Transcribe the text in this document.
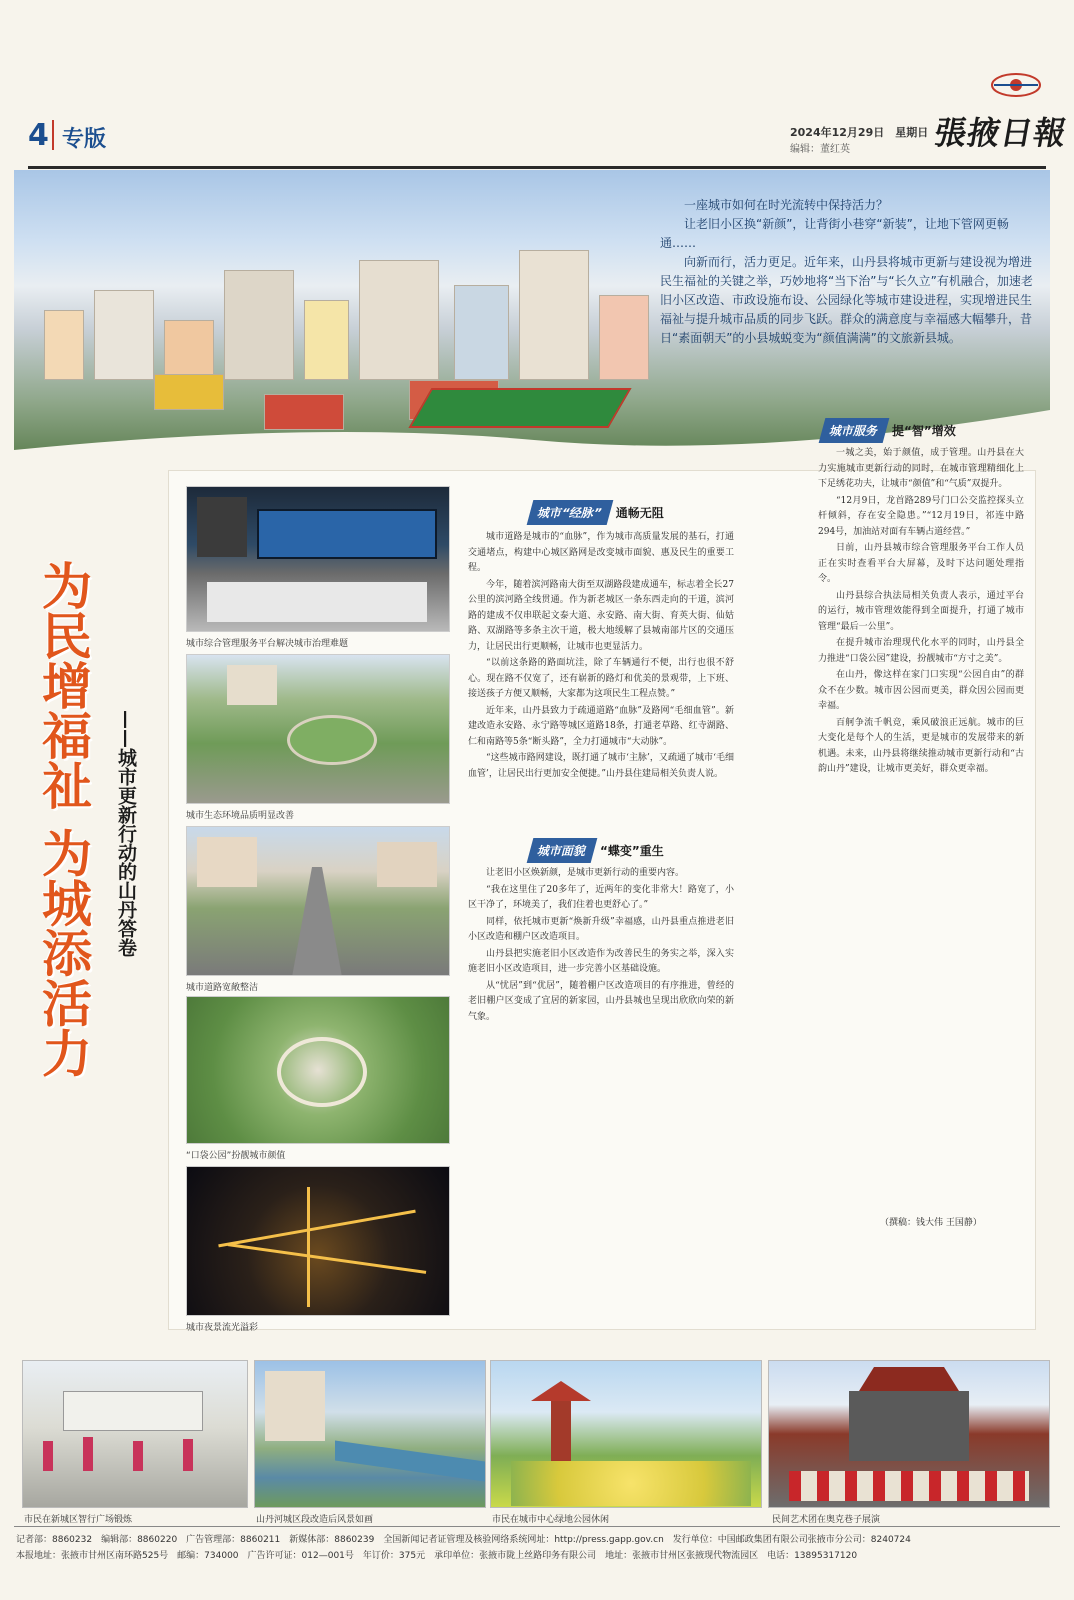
4 专版	2024年12月29日　星期日
编辑：董红英	張掖日報

一座城市如何在时光流转中保持活力？

让老旧小区换“新颜”，让背街小巷穿“新装”，让地下管网更畅通……

向新而行，活力更足。近年来，山丹县将城市更新与建设视为增进民生福祉的关键之举，巧妙地将“当下治”与“长久立”有机融合，加速老旧小区改造、市政设施布设、公园绿化等城市建设进程，实现增进民生福祉与提升城市品质的同步飞跃。群众的满意度与幸福感大幅攀升，昔日“素面朝天”的小县城蜕变为“颜值满满”的文旅新县城。

为民增福祉 为城添活力	——城市更新行动的山丹答卷
城市综合管理服务平台解决城市治理难题
城市生态环境品质明显改善
城市道路宽敞整洁
“口袋公园”扮靓城市颜值
城市夜景流光溢彩
城市“经脉” 通畅无阻

城市道路是城市的“血脉”，作为城市高质量发展的基石，打通交通堵点，构建中心城区路网是改变城市面貌、惠及民生的重要工程。

今年，随着滨河路南大街至双湖路段建成通车，标志着全长27公里的滨河路全线贯通。作为新老城区一条东西走向的干道，滨河路的建成不仅串联起文泰大道、永安路、南大街、育英大街、仙姑路、双湖路等多条主次干道，极大地缓解了县城南部片区的交通压力，让居民出行更顺畅，让城市也更显活力。

“以前这条路的路面坑洼，除了车辆通行不便，出行也很不舒心。现在路不仅宽了，还有崭新的路灯和优美的景观带，上下班、接送孩子方便又顺畅，大家都为这项民生工程点赞。”

近年来，山丹县致力于疏通道路“血脉”及路网“毛细血管”。新建改造永安路、永宁路等城区道路18条，打通老草路、红寺湖路、仁和南路等5条“断头路”，全力打通城市“大动脉”。

“这些城市路网建设，既打通了城市‘主脉’，又疏通了城市‘毛细血管’，让居民出行更加安全便捷。”山丹县住建局相关负责人说。

城市面貌 “蝶变”重生

让老旧小区焕新颜，是城市更新行动的重要内容。

“我在这里住了20多年了，近两年的变化非常大！路宽了，小区干净了，环境美了，我们住着也更舒心了。”

同样，依托城市更新“焕新升级”幸福感，山丹县重点推进老旧小区改造和棚户区改造项目。

山丹县把实施老旧小区改造作为改善民生的务实之举，深入实施老旧小区改造项目，进一步完善小区基础设施。

从“忧居”到“优居”，随着棚户区改造项目的有序推进，曾经的老旧棚户区变成了宜居的新家园，山丹县城也呈现出欣欣向荣的新气象。

城市服务 提“智”增效

一城之美，始于颜值，成于管理。山丹县在大力实施城市更新行动的同时，在城市管理精细化上下足绣花功夫，让城市“颜值”和“气质”双提升。

“12月9日，龙首路289号门口公交监控探头立杆倾斜，存在安全隐患。”“12月19日，祁连中路294号，加油站对面有车辆占道经营。”

日前，山丹县城市综合管理服务平台工作人员正在实时查看平台大屏幕，及时下达问题处理指令。

山丹县综合执法局相关负责人表示，通过平台的运行，城市管理效能得到全面提升，打通了城市管理“最后一公里”。

在提升城市治理现代化水平的同时，山丹县全力推进“口袋公园”建设，扮靓城市“方寸之美”。

在山丹，像这样在家门口实现“公园自由”的群众不在少数。城市因公园而更美，群众因公园而更幸福。

百舸争流千帆竞，乘风破浪正远航。城市的巨大变化是每个人的生活，更是城市的发展带来的新机遇。未来，山丹县将继续推动城市更新行动和“古韵山丹”建设，让城市更美好，群众更幸福。

（撰稿：钱大伟 王国静）
市民在新城区智行广场锻炼	山丹河城区段改造后风景如画	市民在城市中心绿地公园休闲	民间艺术团在奥克巷子展演
记者部：8860232　编辑部：8860220　广告管理部：8860211　新媒体部：8860239　全国新闻记者证管理及核验网络系统网址：http://press.gapp.gov.cn　发行单位：中国邮政集团有限公司张掖市分公司：8240724
本报地址：张掖市甘州区南环路525号　邮编：734000　广告许可证：012—001号　年订价：375元　承印单位：张掖市陇上丝路印务有限公司　地址：张掖市甘州区张掖现代物流园区　电话：13895317120
